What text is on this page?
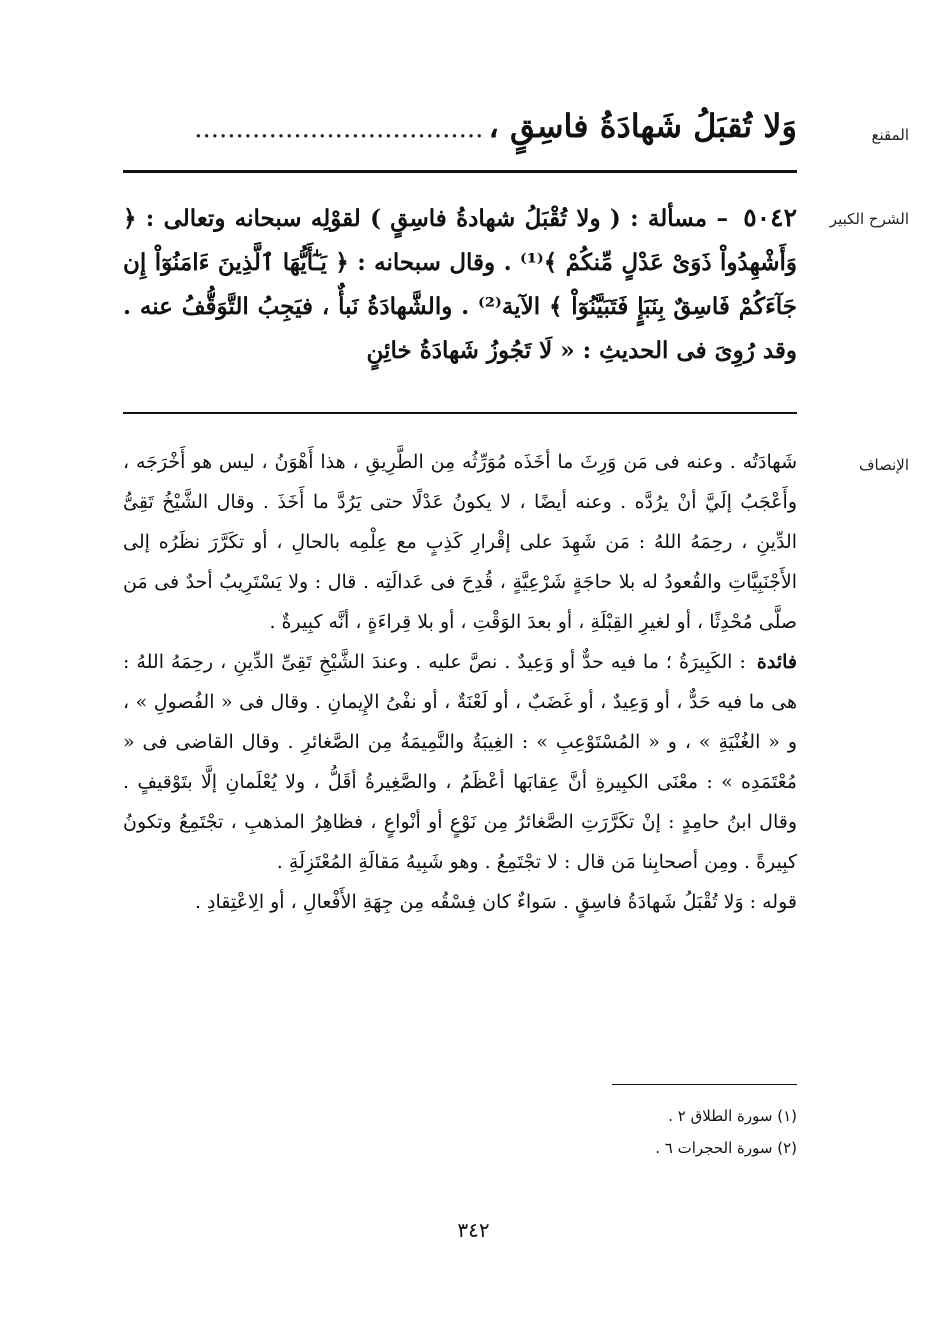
المقنع
وَلا تُقبَلُ شَهادَةُ فاسِقٍ ، ...................................
الشرح الكبير
٥٠٤٢ – مسألة : ( ولا تُقْبَلُ شهادةُ فاسِقٍ ) لقوْلِه سبحانه وتعالى : ﴿ وَأَشْهِدُواْ ذَوَىْ عَدْلٍ مِّنكُمْ ﴾⁽¹⁾ . وقال سبحانه : ﴿ يَـٰٓأَيُّهَا ٱلَّذِينَ ءَامَنُوٓاْ إِن جَآءَكُمْ فَاسِقٌ بِنَبَإٍ فَتَبَيَّنُوٓاْ ﴾ الآية⁽²⁾ . والشَّهادَةُ نَبأٌ ، فيَجِبُ التَّوَقُّفُ عنه . وقد رُوِىَ فى الحديثِ : « لَا تَجُوزُ شَهادَةُ خائِنٍ
الإنصاف

شَهادَتُه . وعنه فى مَن وَرِثَ ما أخَذَه مُوَرِّثُه مِن الطَّرِيقِ ، هذا أَهْوَنُ ، ليس هو أَخْرَجَه ، وأَعْجَبُ إلَيَّ أنْ يرُدَّه . وعنه أيضًا ، لا يكونُ عَدْلًا حتى يَرُدَّ ما أَخَذَ . وقال الشَّيْخُ تَقِىُّ الدِّينِ ، رحِمَهُ اللهُ : مَن شَهِدَ على إقْرارِ كَذِبٍ مع عِلْمِه بالحالِ ، أو تكَرَّرَ نظَرُه إلى الأَجْنَبِيَّاتِ والقُعودُ له بلا حاجَةٍ شَرْعِيَّةٍ ، قُدِحَ فى عَدالَتِه . قال : ولا يَسْتَرِيبُ أحدٌ فى مَن صلَّى مُحْدِثًا ، أو لغيرِ القِبْلَةِ ، أو بعدَ الوَقْتِ ، أو بلا قِراءَةٍ ، أنَّه كبِيرةٌ .

فائدة : الكَبِيرَةُ ؛ ما فيه حدٌّ أو وَعِيدٌ . نصَّ عليه . وعندَ الشَّيْخِ تَقِىِّ الدِّينِ ، رحِمَهُ اللهُ : هى ما فيه حَدٌّ ، أو وَعِيدٌ ، أو غَضَبٌ ، أو لَعْنَةٌ ، أو نفْىُ الإِيمانِ . وقال فى « الفُصولِ » ، و « الغُنْيَةِ » ، و « المُسْتَوْعِبِ » : الغِيبَةُ والنَّمِيمَةُ مِن الصَّغائرِ . وقال القاضى فى « مُعْتَمَدِه » : معْنَى الكبِيرةِ أنَّ عِقابَها أعْظَمُ ، والصَّغِيرةُ أقَلُّ ، ولا يُعْلَمانِ إلَّا بتَوْقيفٍ . وقال ابنُ حامِدٍ : إنْ تكَرَّرَتِ الصَّغائرُ مِن نَوْعٍ أو أنْواعٍ ، فظاهِرُ المذهبِ ، تجْتَمِعُ وتكونُ كبِيرةً . ومِن أصحابِنا مَن قال : لا تجْتَمِعُ . وهو شَبِيهُ مَقالَةِ المُعْتَزِلَةِ .

قوله : وَلا تُقْبَلُ شَهادَةُ فاسِقٍ . سَواءٌ كان فِسْقُه مِن جِهَةِ الأَفْعالِ ، أو الِاعْتِقادِ .

(١) سورة الطلاق ٢ .
(٢) سورة الحجرات ٦ .
٣٤٢
